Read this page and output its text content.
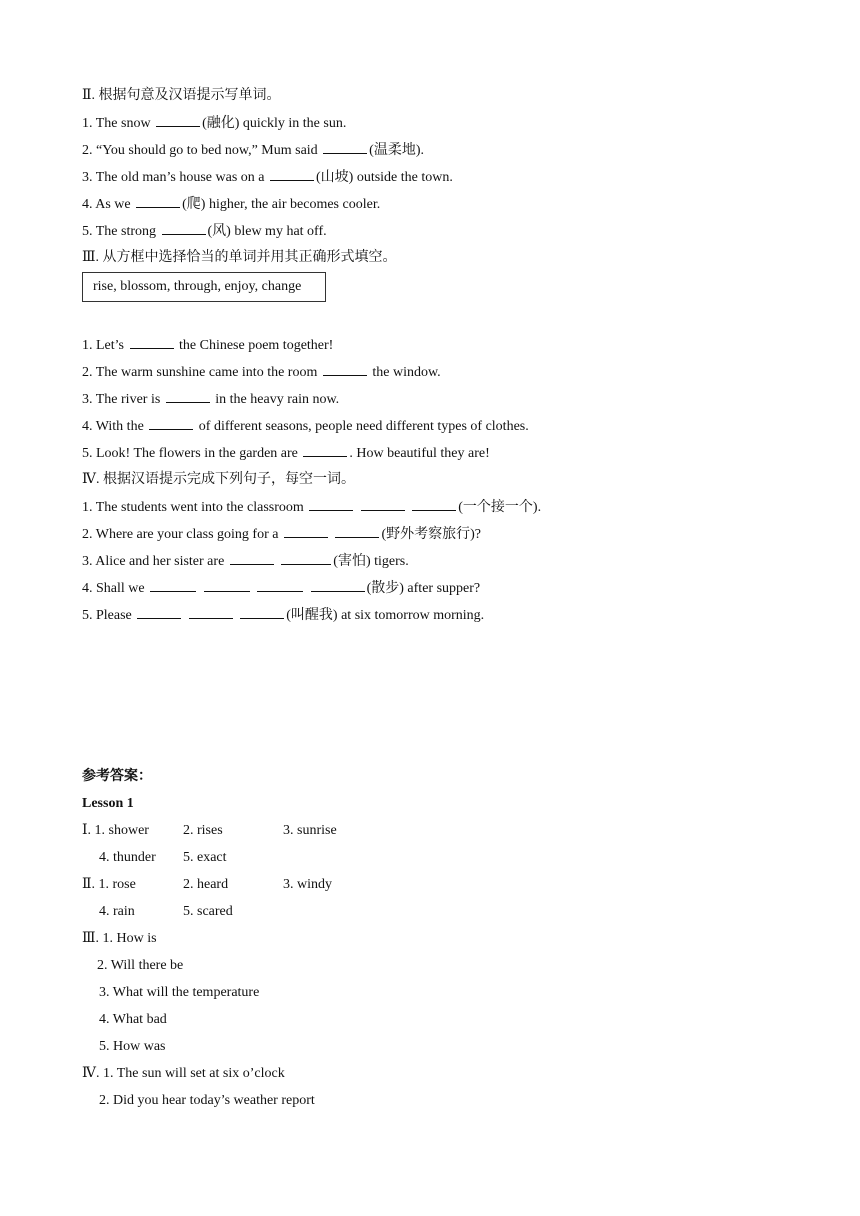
Ⅱ. 根据句意及汉语提示写单词。
1. The snow	(融化) quickly in the sun.
2. “You should go to bed now,” Mum said	(温柔地).
3. The old man’s house was on a	(山坡) outside the town.
4. As we	(爬) higher, the air becomes cooler.
5. The strong	(风) blew my hat off.
Ⅲ. 从方框中选择恰当的单词并用其正确形式填空。
rise, blossom, through, enjoy, change
1. Let’s	the Chinese poem together!
2. The warm sunshine came into the room	the window.
3. The river is	in the heavy rain now.
4. With the	of different seasons, people need different types of clothes.
5. Look! The flowers in the garden are	. How beautiful they are!
Ⅳ. 根据汉语提示完成下列句子，每空一词。
1. The students went into the classroom	(一个接一个).
2. Where are your class going for a	(野外考察旅行)?
3. Alice and her sister are	(害怕) tigers.
4. Shall we	(散步) after supper?
5. Please	(叫醒我) at six tomorrow morning.
参考答案：
Lesson 1
Ⅰ. 1. shower 2. rises	3. sunrise
4. thunder 5. exact
Ⅱ. 1. rose	2. heard	3. windy
4. rain	5. scared
Ⅲ. 1. How is
2. Will there be
3. What will the temperature
4. What bad
5. How was
Ⅳ. 1. The sun will set at six o’clock
2. Did you hear today’s weather report
